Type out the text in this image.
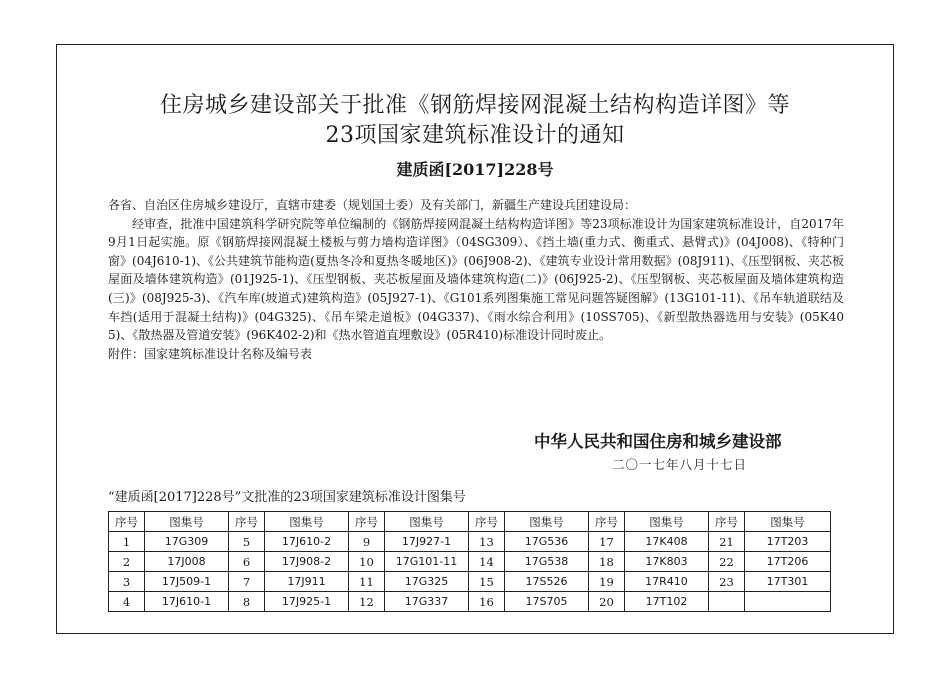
住房城乡建设部关于批准《钢筋焊接网混凝土结构构造详图》等
23项国家建筑标准设计的通知
建质函[2017]228号

各省、自治区住房城乡建设厅，直辖市建委（规划国土委）及有关部门，新疆生产建设兵团建设局：

经审查，批准中国建筑科学研究院等单位编制的《钢筋焊接网混凝土结构构造详图》等23项标准设计为国家建筑标准设计，自2017年9月1日起实施。原《钢筋焊接网混凝土楼板与剪力墙构造详图》（04SG309）、《挡土墙(重力式、衡重式、悬臂式)》(04J008)、《特种门窗》(04J610-1)、《公共建筑节能构造(夏热冬冷和夏热冬暖地区)》(06J908-2)、《建筑专业设计常用数据》(08J911)、《压型钢板、夹芯板屋面及墙体建筑构造》(01J925-1)、《压型钢板、夹芯板屋面及墙体建筑构造(二)》(06J925-2)、《压型钢板、夹芯板屋面及墙体建筑构造(三)》(08J925-3)、《汽车库(坡道式)建筑构造》(05J927-1)、《G101系列图集施工常见问题答疑图解》(13G101-11)、《吊车轨道联结及车挡(适用于混凝土结构)》(04G325)、《吊车梁走道板》(04G337)、《雨水综合利用》(10SS705)、《新型散热器选用与安装》(05K405)、《散热器及管道安装》(96K402-2)和《热水管道直埋敷设》(05R410)标准设计同时废止。

附件：国家建筑标准设计名称及编号表

中华人民共和国住房和城乡建设部
二〇一七年八月十七日
“建质函[2017]228号”文批准的23项国家建筑标准设计图集号
序号	图集号	序号	图集号	序号	图集号	序号	图集号	序号	图集号	序号	图集号
1	17G309	5	17J610-2	9	17J927-1	13	17G536	17	17K408	21	17T203
2	17J008	6	17J908-2	10	17G101-11	14	17G538	18	17K803	22	17T206
3	17J509-1	7	17J911	11	17G325	15	17S526	19	17R410	23	17T301
4	17J610-1	8	17J925-1	12	17G337	16	17S705	20	17T102		
